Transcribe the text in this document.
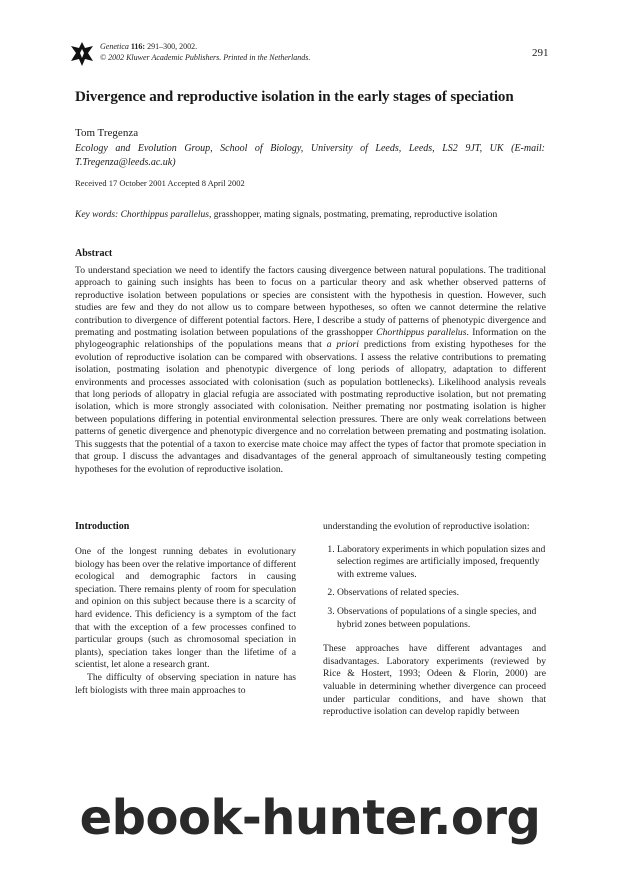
Genetica 116: 291–300, 2002.
© 2002 Kluwer Academic Publishers. Printed in the Netherlands.	291
Divergence and reproductive isolation in the early stages of speciation
Tom Tregenza
Ecology and Evolution Group, School of Biology, University of Leeds, Leeds, LS2 9JT, UK (E-mail: T.Tregenza@leeds.ac.uk)
Received 17 October 2001 Accepted 8 April 2002
Key words: Chorthippus parallelus, grasshopper, mating signals, postmating, premating, reproductive isolation
Abstract
To understand speciation we need to identify the factors causing divergence between natural populations. The traditional approach to gaining such insights has been to focus on a particular theory and ask whether observed patterns of reproductive isolation between populations or species are consistent with the hypothesis in question. However, such studies are few and they do not allow us to compare between hypotheses, so often we cannot determine the relative contribution to divergence of different potential factors. Here, I describe a study of patterns of phenotypic divergence and premating and postmating isolation between populations of the grasshopper Chorthippus parallelus. Information on the phylogeographic relationships of the populations means that a priori predictions from existing hypotheses for the evolution of reproductive isolation can be compared with observations. I assess the relative contributions to premating isolation, postmating isolation and phenotypic divergence of long periods of allopatry, adaptation to different environments and processes associated with colonisation (such as population bottlenecks). Likelihood analysis reveals that long periods of allopatry in glacial refugia are associated with postmating reproductive isolation, but not premating isolation, which is more strongly associated with colonisation. Neither premating nor postmating isolation is higher between populations differing in potential environmental selection pressures. There are only weak correlations between patterns of genetic divergence and phenotypic divergence and no correlation between premating and postmating isolation. This suggests that the potential of a taxon to exercise mate choice may affect the types of factor that promote speciation in that group. I discuss the advantages and disadvantages of the general approach of simultaneously testing competing hypotheses for the evolution of reproductive isolation.
Introduction

One of the longest running debates in evolutionary biology has been over the relative importance of different ecological and demographic factors in causing speciation. There remains plenty of room for speculation and opinion on this subject because there is a scarcity of hard evidence. This deficiency is a symptom of the fact that with the exception of a few processes confined to particular groups (such as chromosomal speciation in plants), speciation takes longer than the lifetime of a scientist, let alone a research grant.

The difficulty of observing speciation in nature has left biologists with three main approaches to

understanding the evolution of reproductive isolation:

1. Laboratory experiments in which population sizes and selection regimes are artificially imposed, frequently with extreme values.
2. Observations of related species.
3. Observations of populations of a single species, and hybrid zones between populations.

These approaches have different advantages and disadvantages. Laboratory experiments (reviewed by Rice & Hostert, 1993; Odeen & Florin, 2000) are valuable in determining whether divergence can proceed under particular conditions, and have shown that reproductive isolation can develop rapidly between

ebook-hunter.org
